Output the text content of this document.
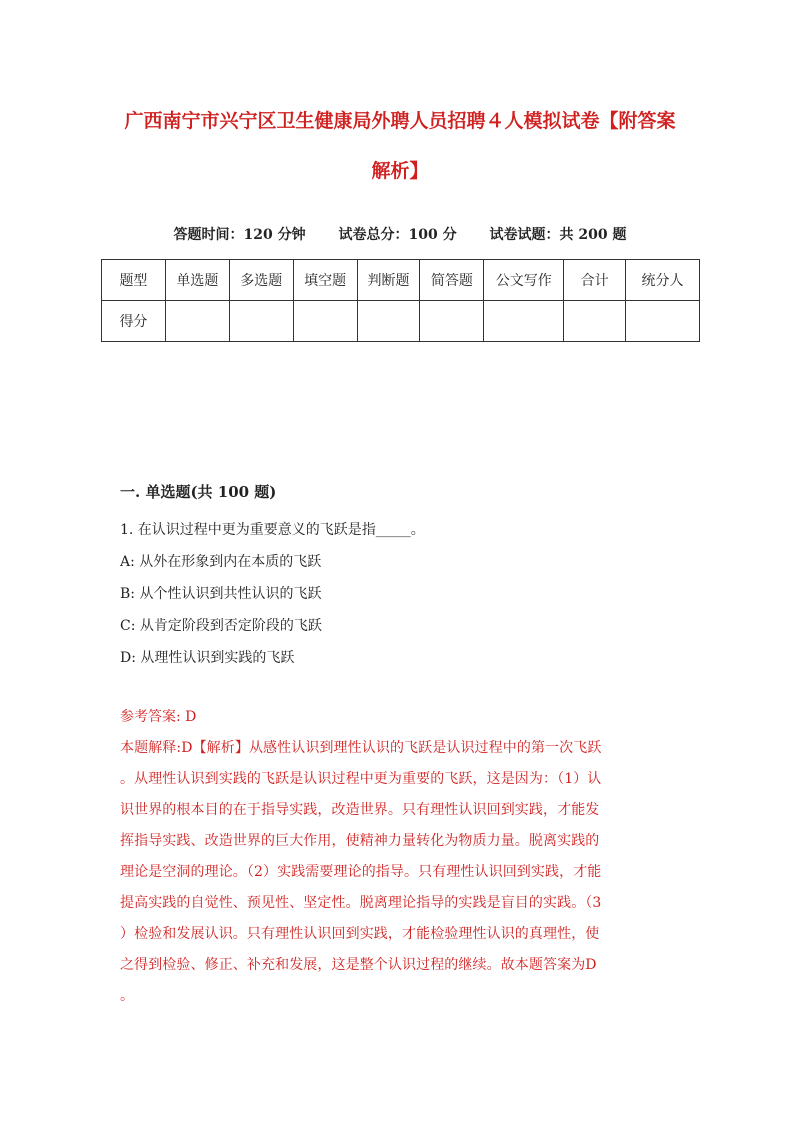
广西南宁市兴宁区卫生健康局外聘人员招聘４人模拟试卷【附答案
解析】
答题时间：120 分钟 试卷总分：100 分 试卷试题：共 200 题
题型	单选题	多选题	填空题	判断题	简答题	公文写作	合计	统分人
得分								
一. 单选题(共 100 题)
1. 在认识过程中更为重要意义的飞跃是指_____。
A: 从外在形象到内在本质的飞跃
B: 从个性认识到共性认识的飞跃
C: 从肯定阶段到否定阶段的飞跃
D: 从理性认识到实践的飞跃
参考答案: D
本题解释:D【解析】从感性认识到理性认识的飞跃是认识过程中的第一次飞跃
。从理性认识到实践的飞跃是认识过程中更为重要的飞跃，这是因为：（1）认
识世界的根本目的在于指导实践，改造世界。只有理性认识回到实践，才能发
挥指导实践、改造世界的巨大作用，使精神力量转化为物质力量。脱离实践的
理论是空洞的理论。（2）实践需要理论的指导。只有理性认识回到实践，才能
提高实践的自觉性、预见性、坚定性。脱离理论指导的实践是盲目的实践。（3
）检验和发展认识。只有理性认识回到实践，才能检验理性认识的真理性，使
之得到检验、修正、补充和发展，这是整个认识过程的继续。故本题答案为D
。
